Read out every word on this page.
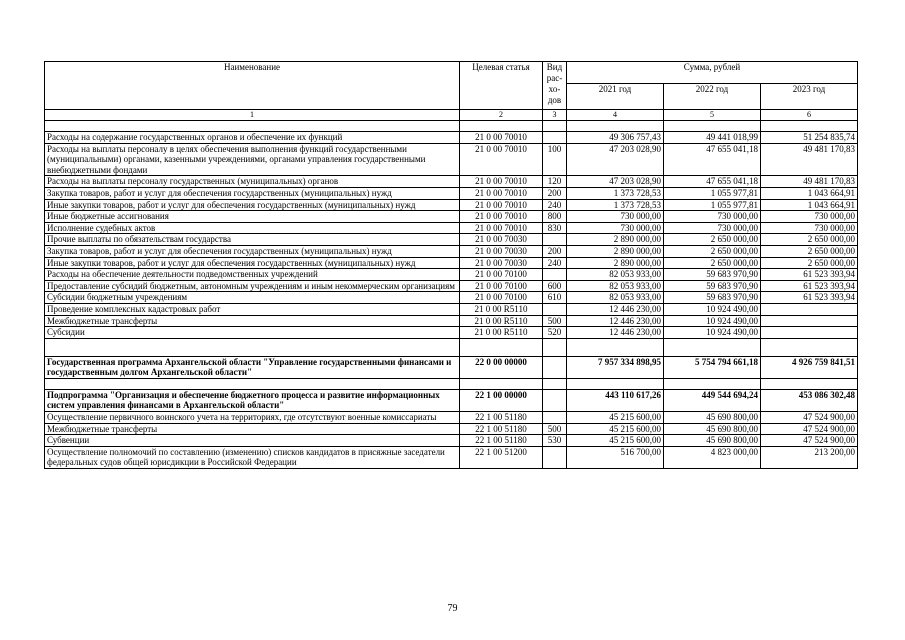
Наименование	Целевая статья	Вид рас- хо- дов	Сумма, рублей		
			2021 год	2022 год	2023 год
1	2	3	4	5	6

Расходы на содержание государственных органов и обеспечение их функций	21 0 00 70010		49 306 757,43	49 441 018,99	51 254 835,74
Расходы на выплаты персоналу в целях обеспечения выполнения функций государственными (муниципальными) органами, казенными учреждениями, органами управления государственными внебюджетными фондами	21 0 00 70010	100	47 203 028,90	47 655 041,18	49 481 170,83
Расходы на выплаты персоналу государственных (муниципальных) органов	21 0 00 70010	120	47 203 028,90	47 655 041,18	49 481 170,83
Закупка товаров, работ и услуг для обеспечения государственных (муниципальных) нужд	21 0 00 70010	200	1 373 728,53	1 055 977,81	1 043 664,91
Иные закупки товаров, работ и услуг для обеспечения государственных (муниципальных) нужд	21 0 00 70010	240	1 373 728,53	1 055 977,81	1 043 664,91
Иные бюджетные ассигнования	21 0 00 70010	800	730 000,00	730 000,00	730 000,00
Исполнение судебных актов	21 0 00 70010	830	730 000,00	730 000,00	730 000,00
Прочие выплаты по обязательствам государства	21 0 00 70030		2 890 000,00	2 650 000,00	2 650 000,00
Закупка товаров, работ и услуг для обеспечения государственных (муниципальных) нужд	21 0 00 70030	200	2 890 000,00	2 650 000,00	2 650 000,00
Иные закупки товаров, работ и услуг для обеспечения государственных (муниципальных) нужд	21 0 00 70030	240	2 890 000,00	2 650 000,00	2 650 000,00
Расходы на обеспечение деятельности подведомственных учреждений	21 0 00 70100		82 053 933,00	59 683 970,90	61 523 393,94
Предоставление субсидий бюджетным, автономным учреждениям и иным некоммерческим организациям	21 0 00 70100	600	82 053 933,00	59 683 970,90	61 523 393,94
Субсидии бюджетным учреждениям	21 0 00 70100	610	82 053 933,00	59 683 970,90	61 523 393,94
Проведение комплексных кадастровых работ	21 0 00 R5110		12 446 230,00	10 924 490,00	
Межбюджетные трансферты	21 0 00 R5110	500	12 446 230,00	10 924 490,00	
Субсидии	21 0 00 R5110	520	12 446 230,00	10 924 490,00	

Государственная программа Архангельской области "Управление государственными финансами и государственным долгом Архангельской области"	22 0 00 00000		7 957 334 898,95	5 754 794 661,18	4 926 759 841,51

Подпрограмма "Организация и обеспечение бюджетного процесса и развитие информационных систем управления финансами в Архангельской области"	22 1 00 00000		443 110 617,26	449 544 694,24	453 086 302,48
Осуществление первичного воинского учета на территориях, где отсутствуют военные комиссариаты	22 1 00 51180		45 215 600,00	45 690 800,00	47 524 900,00
Межбюджетные трансферты	22 1 00 51180	500	45 215 600,00	45 690 800,00	47 524 900,00
Субвенции	22 1 00 51180	530	45 215 600,00	45 690 800,00	47 524 900,00
Осуществление полномочий по составлению (изменению) списков кандидатов в присяжные заседатели федеральных судов общей юрисдикции в Российской Федерации	22 1 00 51200		516 700,00	4 823 000,00	213 200,00
79
